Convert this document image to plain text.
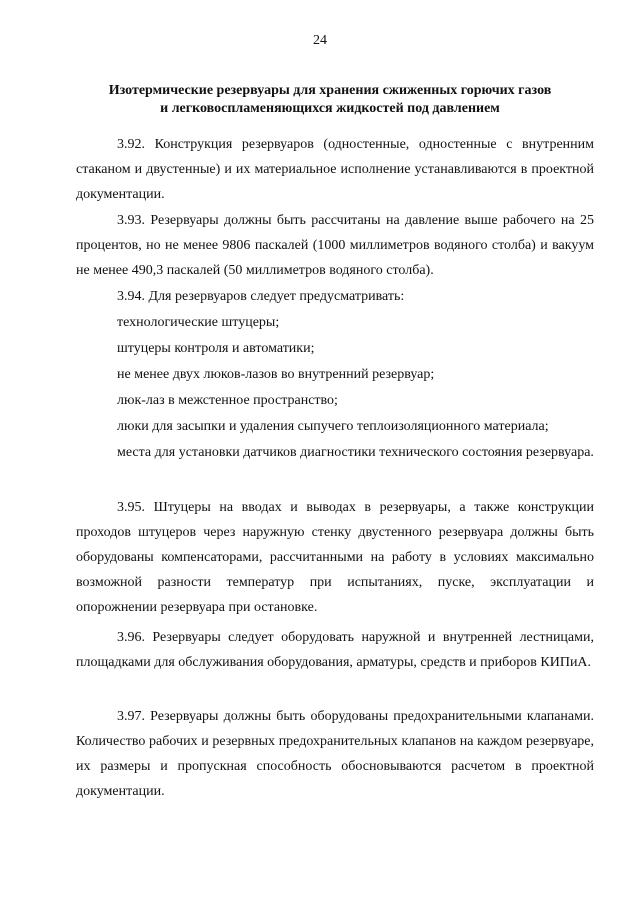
24
Изотермические резервуары для хранения сжиженных горючих газов
и легковоспламеняющихся жидкостей под давлением

3.92. Конструкция резервуаров (одностенные, одностенные с внутренним стаканом и двустенные) и их материальное исполнение устанавливаются в проектной документации.

3.93. Резервуары должны быть рассчитаны на давление выше рабочего на 25 процентов, но не менее 9806 паскалей (1000 миллиметров водяного столба) и вакуум не менее 490,3 паскалей (50 миллиметров водяного столба).

3.94. Для резервуаров следует предусматривать:

технологические штуцеры;

штуцеры контроля и автоматики;

не менее двух люков-лазов во внутренний резервуар;

люк-лаз в межстенное пространство;

люки для засыпки и удаления сыпучего теплоизоляционного материала;

места для установки датчиков диагностики технического состояния резервуара.

3.95. Штуцеры на вводах и выводах в резервуары, а также конструкции проходов штуцеров через наружную стенку двустенного резервуара должны быть оборудованы компенсаторами, рассчитанными на работу в условиях максимально возможной разности температур при испытаниях, пуске, эксплуатации и опорожнении резервуара при остановке.

3.96. Резервуары следует оборудовать наружной и внутренней лестницами, площадками для обслуживания оборудования, арматуры, средств и приборов КИПиА.

3.97. Резервуары должны быть оборудованы предохранительными клапанами. Количество рабочих и резервных предохранительных клапанов на каждом резервуаре, их размеры и пропускная способность обосновываются расчетом в проектной документации.
